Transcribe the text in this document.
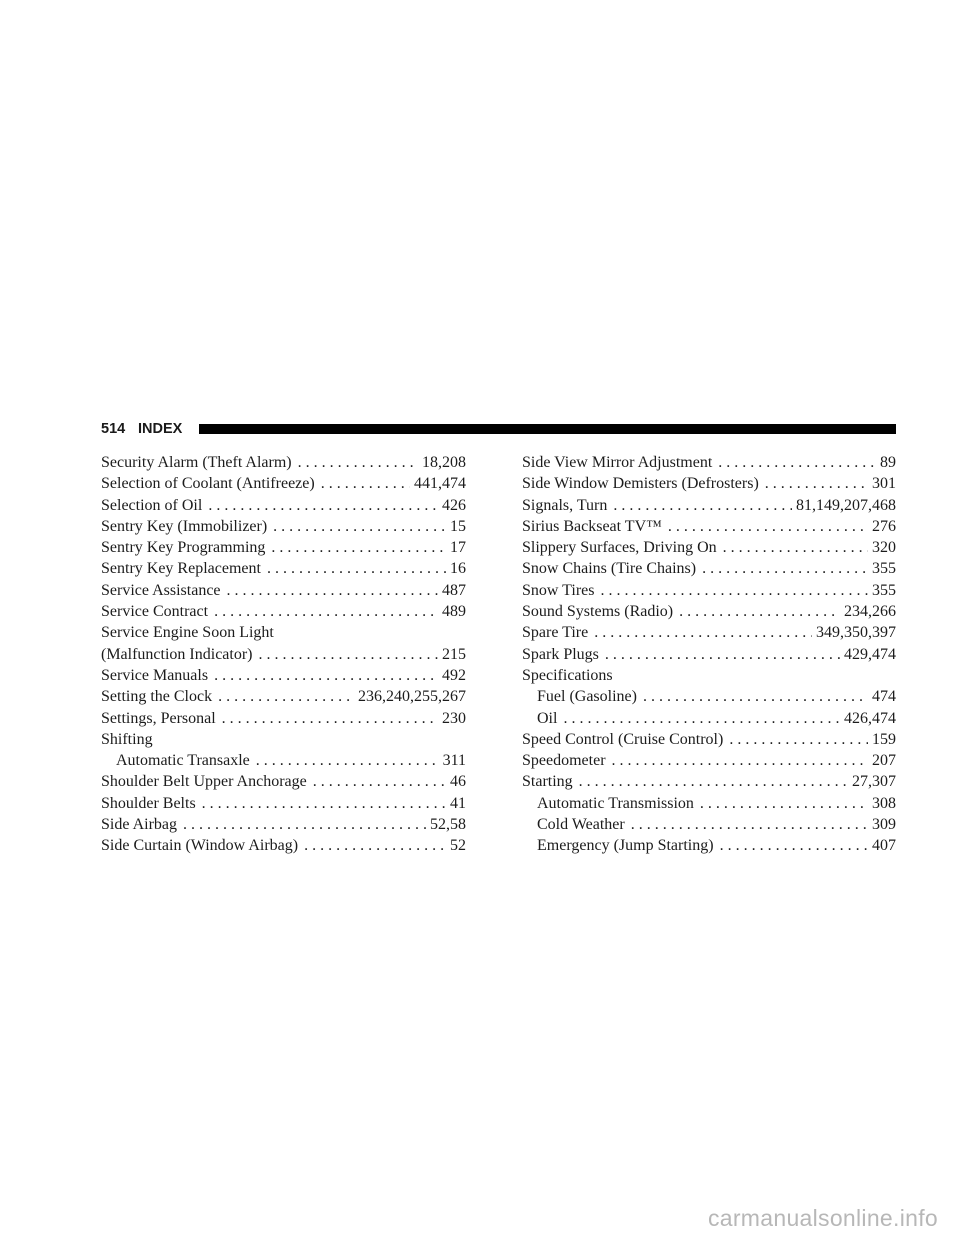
514 INDEX
Security Alarm (Theft Alarm) . . .	18,208
Selection of Coolant (Antifreeze) . . .	441,474
Selection of Oil . . .	426
Sentry Key (Immobilizer) . . .	15
Sentry Key Programming . . .	17
Sentry Key Replacement . . .	16
Service Assistance . . .	487
Service Contract . . .	489
Service Engine Soon Light
(Malfunction Indicator) . . .	215
Service Manuals . . .	492
Setting the Clock . . .	236,240,255,267
Settings, Personal . . .	230
Shifting
Automatic Transaxle . . .	311
Shoulder Belt Upper Anchorage . . .	46
Shoulder Belts . . .	41
Side Airbag . . .	52,58
Side Curtain (Window Airbag) . . .	52
Side View Mirror Adjustment . . .	89
Side Window Demisters (Defrosters) . . .	301
Signals, Turn . . .	81,149,207,468
Sirius Backseat TV™ . . .	276
Slippery Surfaces, Driving On . . .	320
Snow Chains (Tire Chains) . . .	355
Snow Tires . . .	355
Sound Systems (Radio) . . .	234,266
Spare Tire . . .	349,350,397
Spark Plugs . . .	429,474
Specifications
Fuel (Gasoline) . . .	474
Oil . . .	426,474
Speed Control (Cruise Control) . . .	159
Speedometer . . .	207
Starting . . .	27,307
Automatic Transmission . . .	308
Cold Weather . . .	309
Emergency (Jump Starting) . . .	407
carmanualsonline.info
